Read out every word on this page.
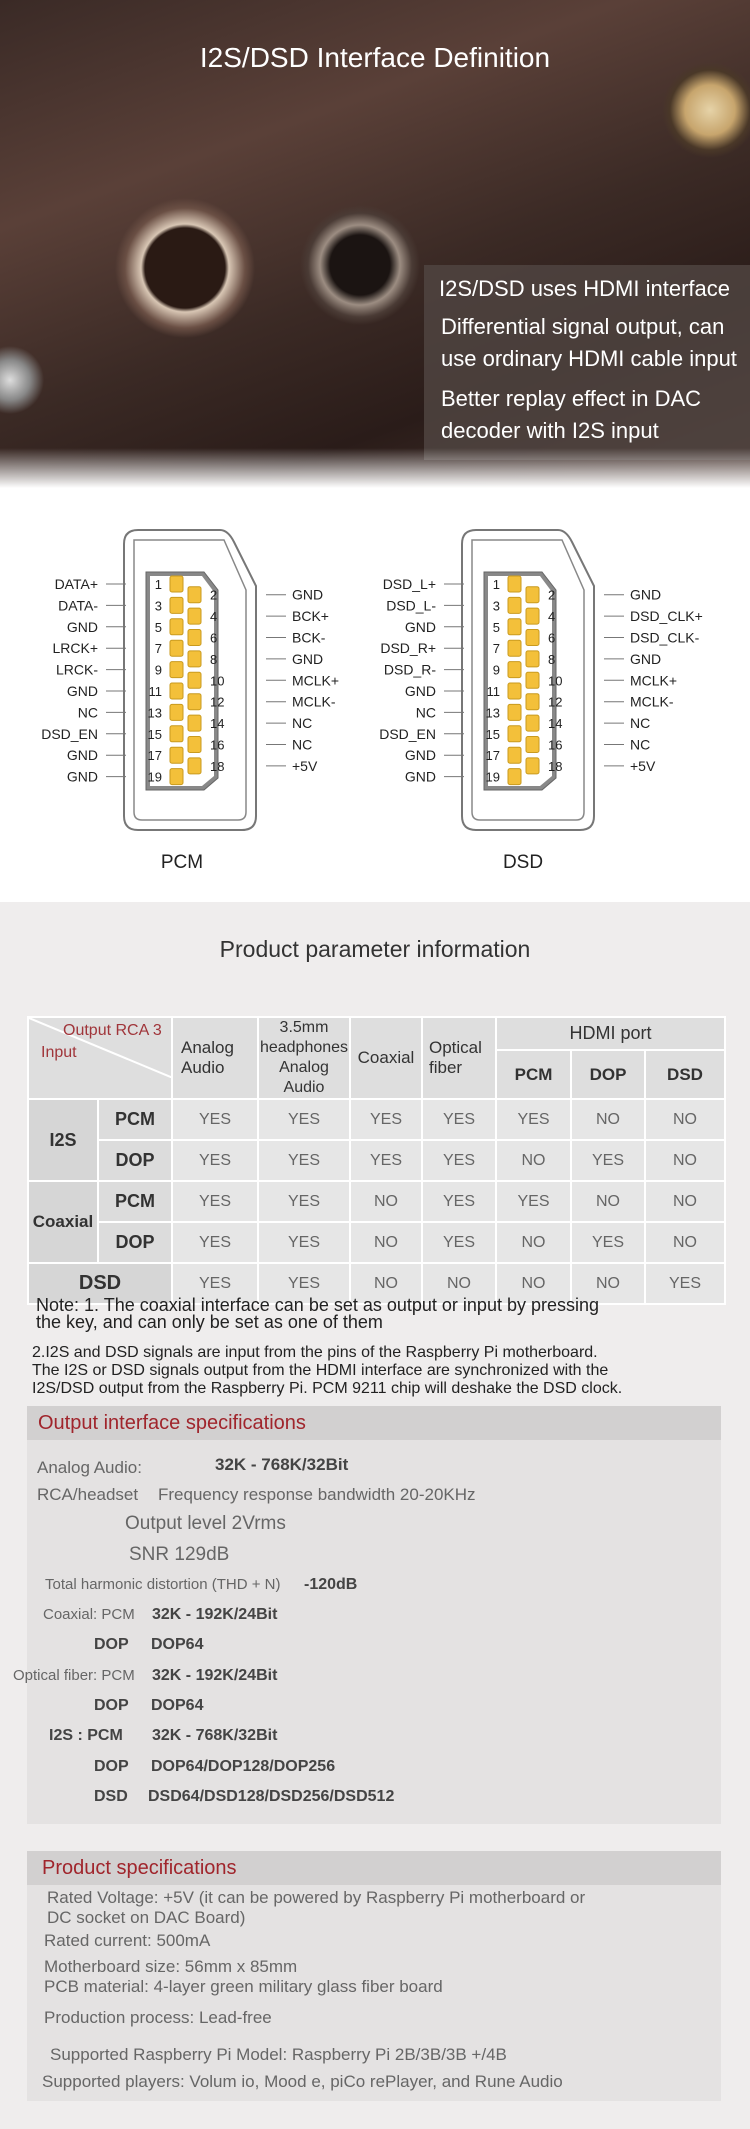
I2S/DSD Interface Definition
I2S/DSD uses HDMI interface
Differential signal output, can
use ordinary HDMI cable input
Better replay effect in DAC
decoder with I2S input
1
DATA+
3
DATA-
5
GND
7
LRCK+
9
LRCK-
11
GND
13
NC
15
DSD_EN
17
GND
19
GND
2	GND
4	BCK+
6	BCK-
8	GND
10	MCLK+
12	MCLK-
14	NC
16	NC
18	+5V
1
DSD_L+
3
DSD_L-
5
GND
7
DSD_R+
9
DSD_R-
11
GND
13
NC
15
DSD_EN
17
GND
19
GND
2	GND
4	DSD_CLK+
6	DSD_CLK-
8	GND
10	MCLK+
12	MCLK-
14	NC
16	NC
18	+5V
PCM	DSD
Product parameter information
Output RCA 3
Input		Analog Audio	3.5mm headphones Analog Audio	Coaxial	Optical fiber	HDMI port		
						PCM	DOP	DSD
I2S	PCM	YES	YES	YES	YES	YES	NO	NO
	DOP	YES	YES	YES	YES	NO	YES	NO
Coaxial	PCM	YES	YES	NO	YES	YES	NO	NO
	DOP	YES	YES	NO	YES	NO	YES	NO
DSD		YES	YES	NO	NO	NO	NO	YES
Note: 1. The coaxial interface can be set as output or input by pressing
the key, and can only be set as one of them
2.I2S and DSD signals are input from the pins of the Raspberry Pi motherboard.
The I2S or DSD signals output from the HDMI interface are synchronized with the
I2S/DSD output from the Raspberry Pi. PCM 9211 chip will deshake the DSD clock.
Output interface specifications
Analog Audio:	32K - 768K/32Bit
RCA/headset Frequency response bandwidth 20-20KHz
Output level 2Vrms
SNR 129dB
Total harmonic distortion (THD + N) -120dB
Coaxial: PCM 32K - 192K/24Bit
DOP DOP64
Optical fiber: PCM 32K - 192K/24Bit
DOP DOP64
I2S : PCM 32K - 768K/32Bit
DOP DOP64/DOP128/DOP256
DSD DSD64/DSD128/DSD256/DSD512
Product specifications
Rated Voltage: +5V (it can be powered by Raspberry Pi motherboard or
DC socket on DAC Board)
Rated current: 500mA
Motherboard size: 56mm x 85mm
PCB material: 4-layer green military glass fiber board
Production process: Lead-free
Supported Raspberry Pi Model: Raspberry Pi 2B/3B/3B +/4B
Supported players: Volum io, Mood e, piCo rePlayer, and Rune Audio
